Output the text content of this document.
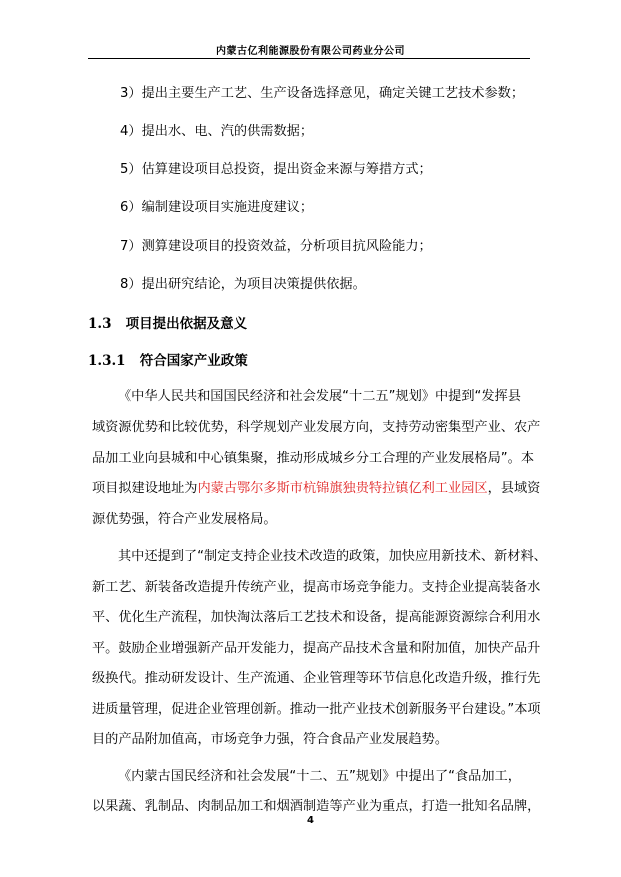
内蒙古亿利能源股份有限公司药业分公司
3）提出主要生产工艺、生产设备选择意见，确定关键工艺技术参数；
4）提出水、电、汽的供需数据；
5）估算建设项目总投资，提出资金来源与筹措方式；
6）编制建设项目实施进度建议；
7）测算建设项目的投资效益，分析项目抗风险能力；
8）提出研究结论，为项目决策提供依据。
1.3 项目提出依据及意义
1.3.1 符合国家产业政策
《中华人民共和国国民经济和社会发展“十二五”规划》中提到“发挥县
域资源优势和比较优势，科学规划产业发展方向，支持劳动密集型产业、农产
品加工业向县城和中心镇集聚，推动形成城乡分工合理的产业发展格局”。本
项目拟建设地址为内蒙古鄂尔多斯市杭锦旗独贵特拉镇亿利工业园区，县域资
源优势强，符合产业发展格局。
其中还提到了“制定支持企业技术改造的政策，加快应用新技术、新材料、
新工艺、新装备改造提升传统产业，提高市场竞争能力。支持企业提高装备水
平、优化生产流程，加快淘汰落后工艺技术和设备，提高能源资源综合利用水
平。鼓励企业增强新产品开发能力，提高产品技术含量和附加值，加快产品升
级换代。推动研发设计、生产流通、企业管理等环节信息化改造升级，推行先
进质量管理，促进企业管理创新。推动一批产业技术创新服务平台建设。”本项
目的产品附加值高，市场竞争力强，符合食品产业发展趋势。
《内蒙古国民经济和社会发展“十二、五”规划》中提出了“食品加工，
以果蔬、乳制品、肉制品加工和烟酒制造等产业为重点，打造一批知名品牌，
4
